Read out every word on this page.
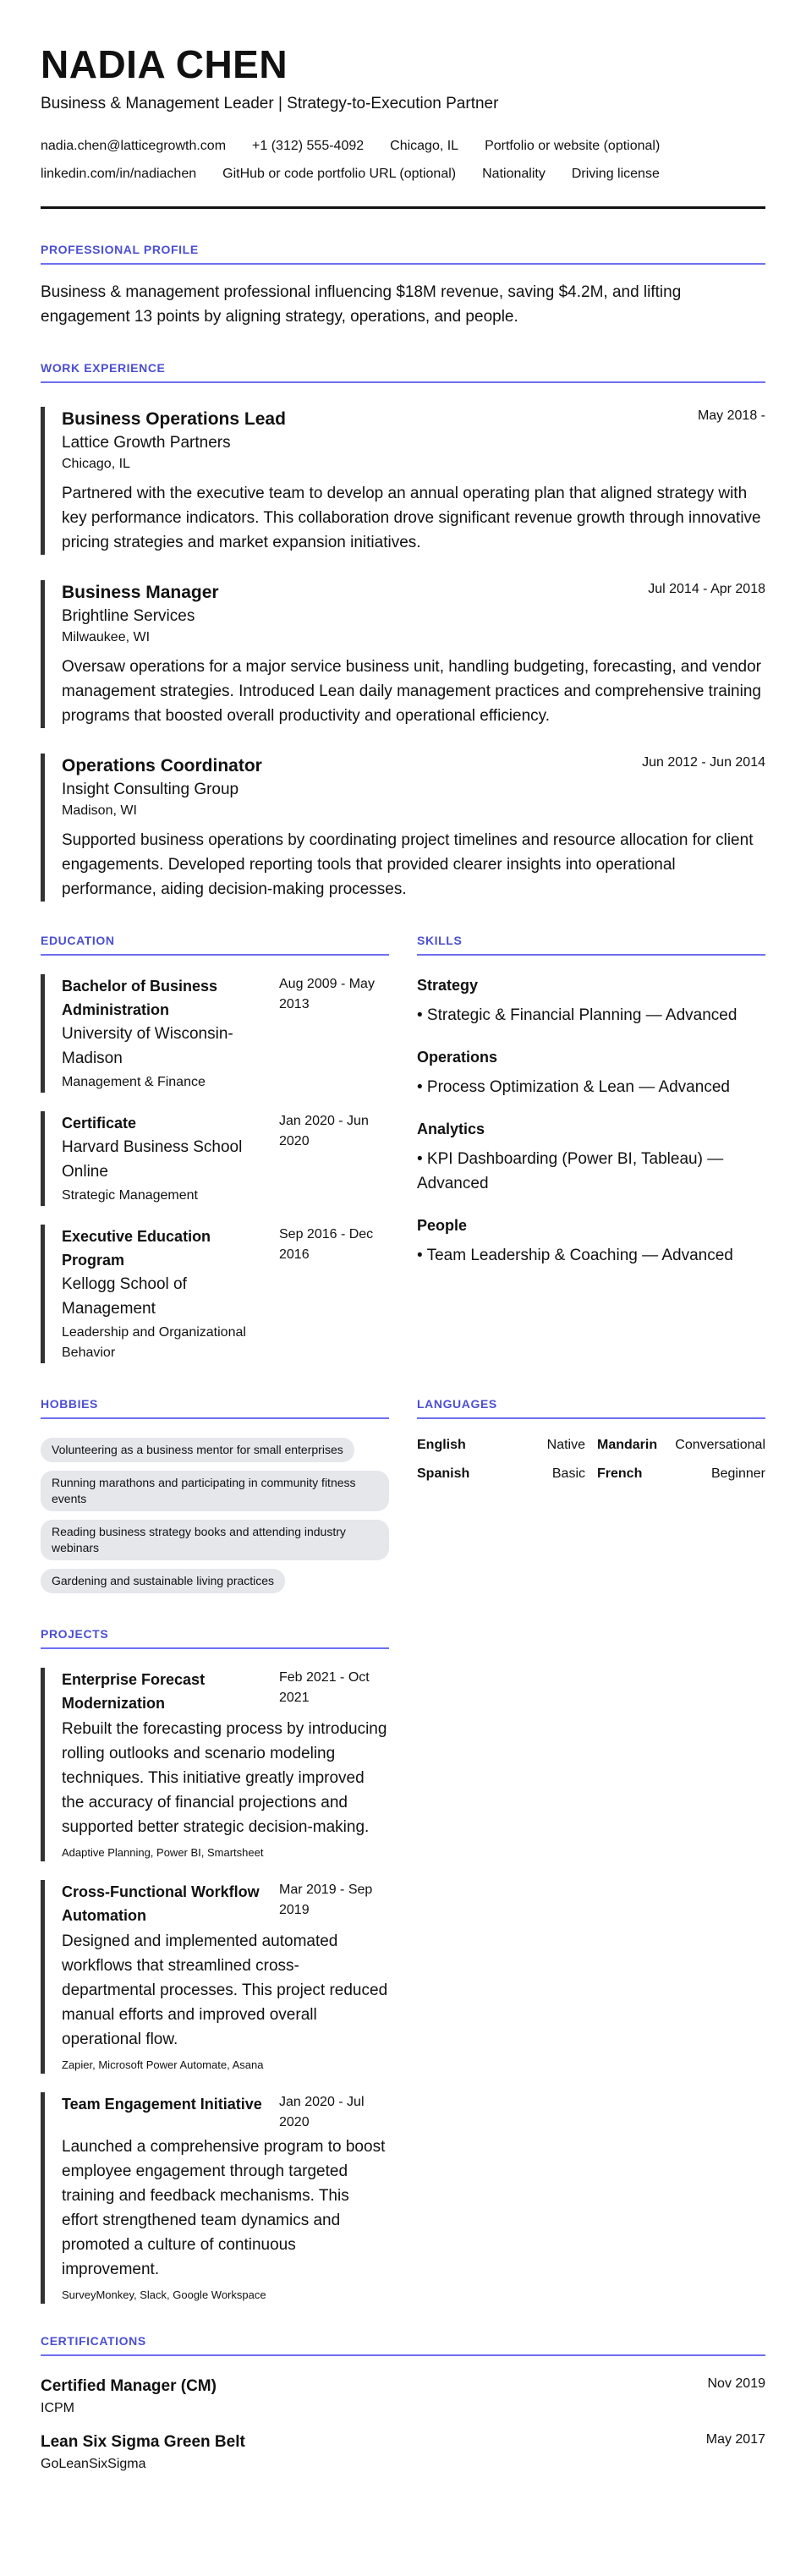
NADIA CHEN
Business & Management Leader | Strategy-to-Execution Partner
nadia.chen@latticegrowth.com +1 (312) 555-4092 Chicago, IL Portfolio or website (optional)
linkedin.com/in/nadiachen GitHub or code portfolio URL (optional) Nationality Driving license
PROFESSIONAL PROFILE
Business & management professional influencing $18M revenue, saving $4.2M, and lifting engagement 13 points by aligning strategy, operations, and people.
WORK EXPERIENCE
Business Operations Lead
Lattice Growth Partners
Chicago, IL
May 2018 -
Partnered with the executive team to develop an annual operating plan that aligned strategy with key performance indicators. This collaboration drove significant revenue growth through innovative pricing strategies and market expansion initiatives.
Business Manager
Brightline Services
Milwaukee, WI
Jul 2014 - Apr 2018
Oversaw operations for a major service business unit, handling budgeting, forecasting, and vendor management strategies. Introduced Lean daily management practices and comprehensive training programs that boosted overall productivity and operational efficiency.
Operations Coordinator
Insight Consulting Group
Madison, WI
Jun 2012 - Jun 2014
Supported business operations by coordinating project timelines and resource allocation for client engagements. Developed reporting tools that provided clearer insights into operational performance, aiding decision-making processes.
EDUCATION
Bachelor of Business Administration
University of Wisconsin-Madison
Management & Finance
Aug 2009 - May 2013
Certificate
Harvard Business School Online
Strategic Management
Jan 2020 - Jun 2020
Executive Education Program
Kellogg School of Management
Leadership and Organizational Behavior
Sep 2016 - Dec 2016
SKILLS
Strategy
• Strategic & Financial Planning — Advanced
Operations
• Process Optimization & Lean — Advanced
Analytics
• KPI Dashboarding (Power BI, Tableau) — Advanced
People
• Team Leadership & Coaching — Advanced
HOBBIES
Volunteering as a business mentor for small enterprises
Running marathons and participating in community fitness events
Reading business strategy books and attending industry webinars
Gardening and sustainable living practices
LANGUAGES
English	Native Mandarin Conversational
Spanish	Basic French	Beginner
PROJECTS
Enterprise Forecast Modernization
Feb 2021 - Oct 2021
Rebuilt the forecasting process by introducing rolling outlooks and scenario modeling techniques. This initiative greatly improved the accuracy of financial projections and supported better strategic decision-making.
Adaptive Planning, Power BI, Smartsheet
Cross-Functional Workflow Automation
Mar 2019 - Sep 2019
Designed and implemented automated workflows that streamlined cross-departmental processes. This project reduced manual efforts and improved overall operational flow.
Zapier, Microsoft Power Automate, Asana
Team Engagement Initiative	Jan 2020 - Jul 2020
Launched a comprehensive program to boost employee engagement through targeted training and feedback mechanisms. This effort strengthened team dynamics and promoted a culture of continuous improvement.
SurveyMonkey, Slack, Google Workspace
CERTIFICATIONS
Certified Manager (CM)
ICPM
Nov 2019
Lean Six Sigma Green Belt
GoLeanSixSigma
May 2017
